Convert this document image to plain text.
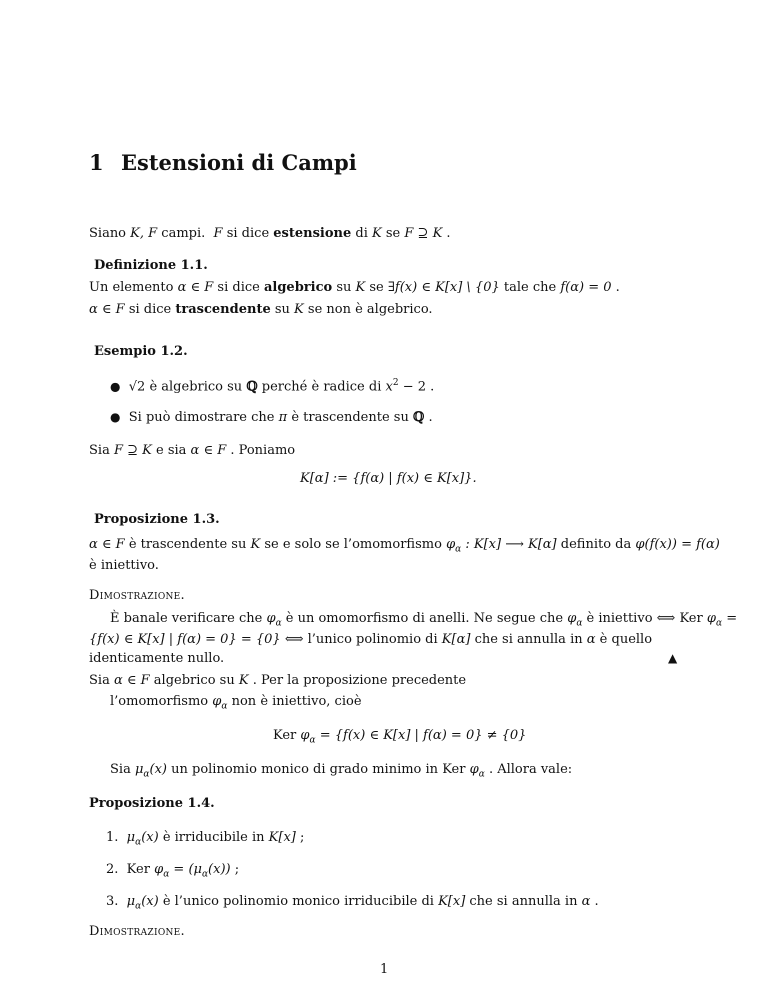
1 Estensioni di Campi
Siano K, F campi. F si dice estensione di K se F ⊇ K .
Definizione 1.1.
Un elemento α ∈ F si dice algebrico su K se ∃f(x) ∈ K[x] \ {0} tale che f(α) = 0 .
α ∈ F si dice trascendente su K se non è algebrico.
Esempio 1.2.
● √2 è algebrico su ℚ perché è radice di $x^2 - 2$ .
● Si può dimostrare che π è trascendente su ℚ .
Sia F ⊇ K e sia α ∈ F . Poniamo
K[α] := {f(α) | f(x) ∈ K[x]}.
Proposizione 1.3.
α ∈ F è trascendente su K se e solo se l’omomorfismo $\varphi_\alpha$ : K[x] ⟶ K[α] definito da φ(f(x)) = f(α)
è iniettivo.
Dimostrazione.
È banale verificare che $\varphi_\alpha$ è un omomorfismo di anelli. Ne segue che $\varphi_\alpha$ è iniettivo ⟺ Ker $\varphi_\alpha$ =
{f(x) ∈ K[x] | f(α) = 0} = {0} ⟺ l’unico polinomio di K[α] che si annulla in α è quello
identicamente nullo.	▲
Sia α ∈ F algebrico su K . Per la proposizione precedente
l’omomorfismo $\varphi_\alpha$ non è iniettivo, cioè
Ker $\varphi_\alpha = \{f(x)$ ∈ K[x] | f(α) = 0} ≠ {0}
Sia $\mu_\alpha(x)$ un polinomio monico di grado minimo in Ker $\varphi_\alpha$ . Allora vale:
Proposizione 1.4.
1. $\mu_\alpha(x)$ è irriducibile in K[x] ;
2. Ker $\varphi_\alpha = (\mu_\alpha(x))$ ;
3. $\mu_\alpha(x)$ è l’unico polinomio monico irriducibile di K[x] che si annulla in α .
Dimostrazione.
1
